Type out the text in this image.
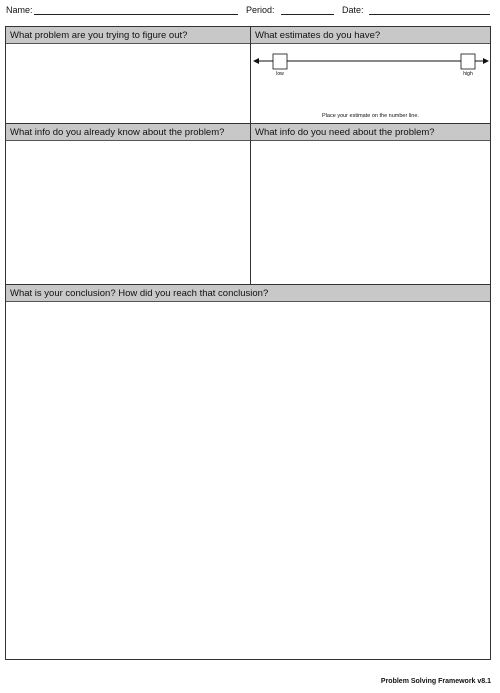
Name:	Period:	Date:
What problem are you trying to figure out?	What estimates do you have?
low	high
Place your estimate on the number line.
What info do you already know about the problem?	What info do you need about the problem?
What is your conclusion? How did you reach that conclusion?
Problem Solving Framework v8.1
